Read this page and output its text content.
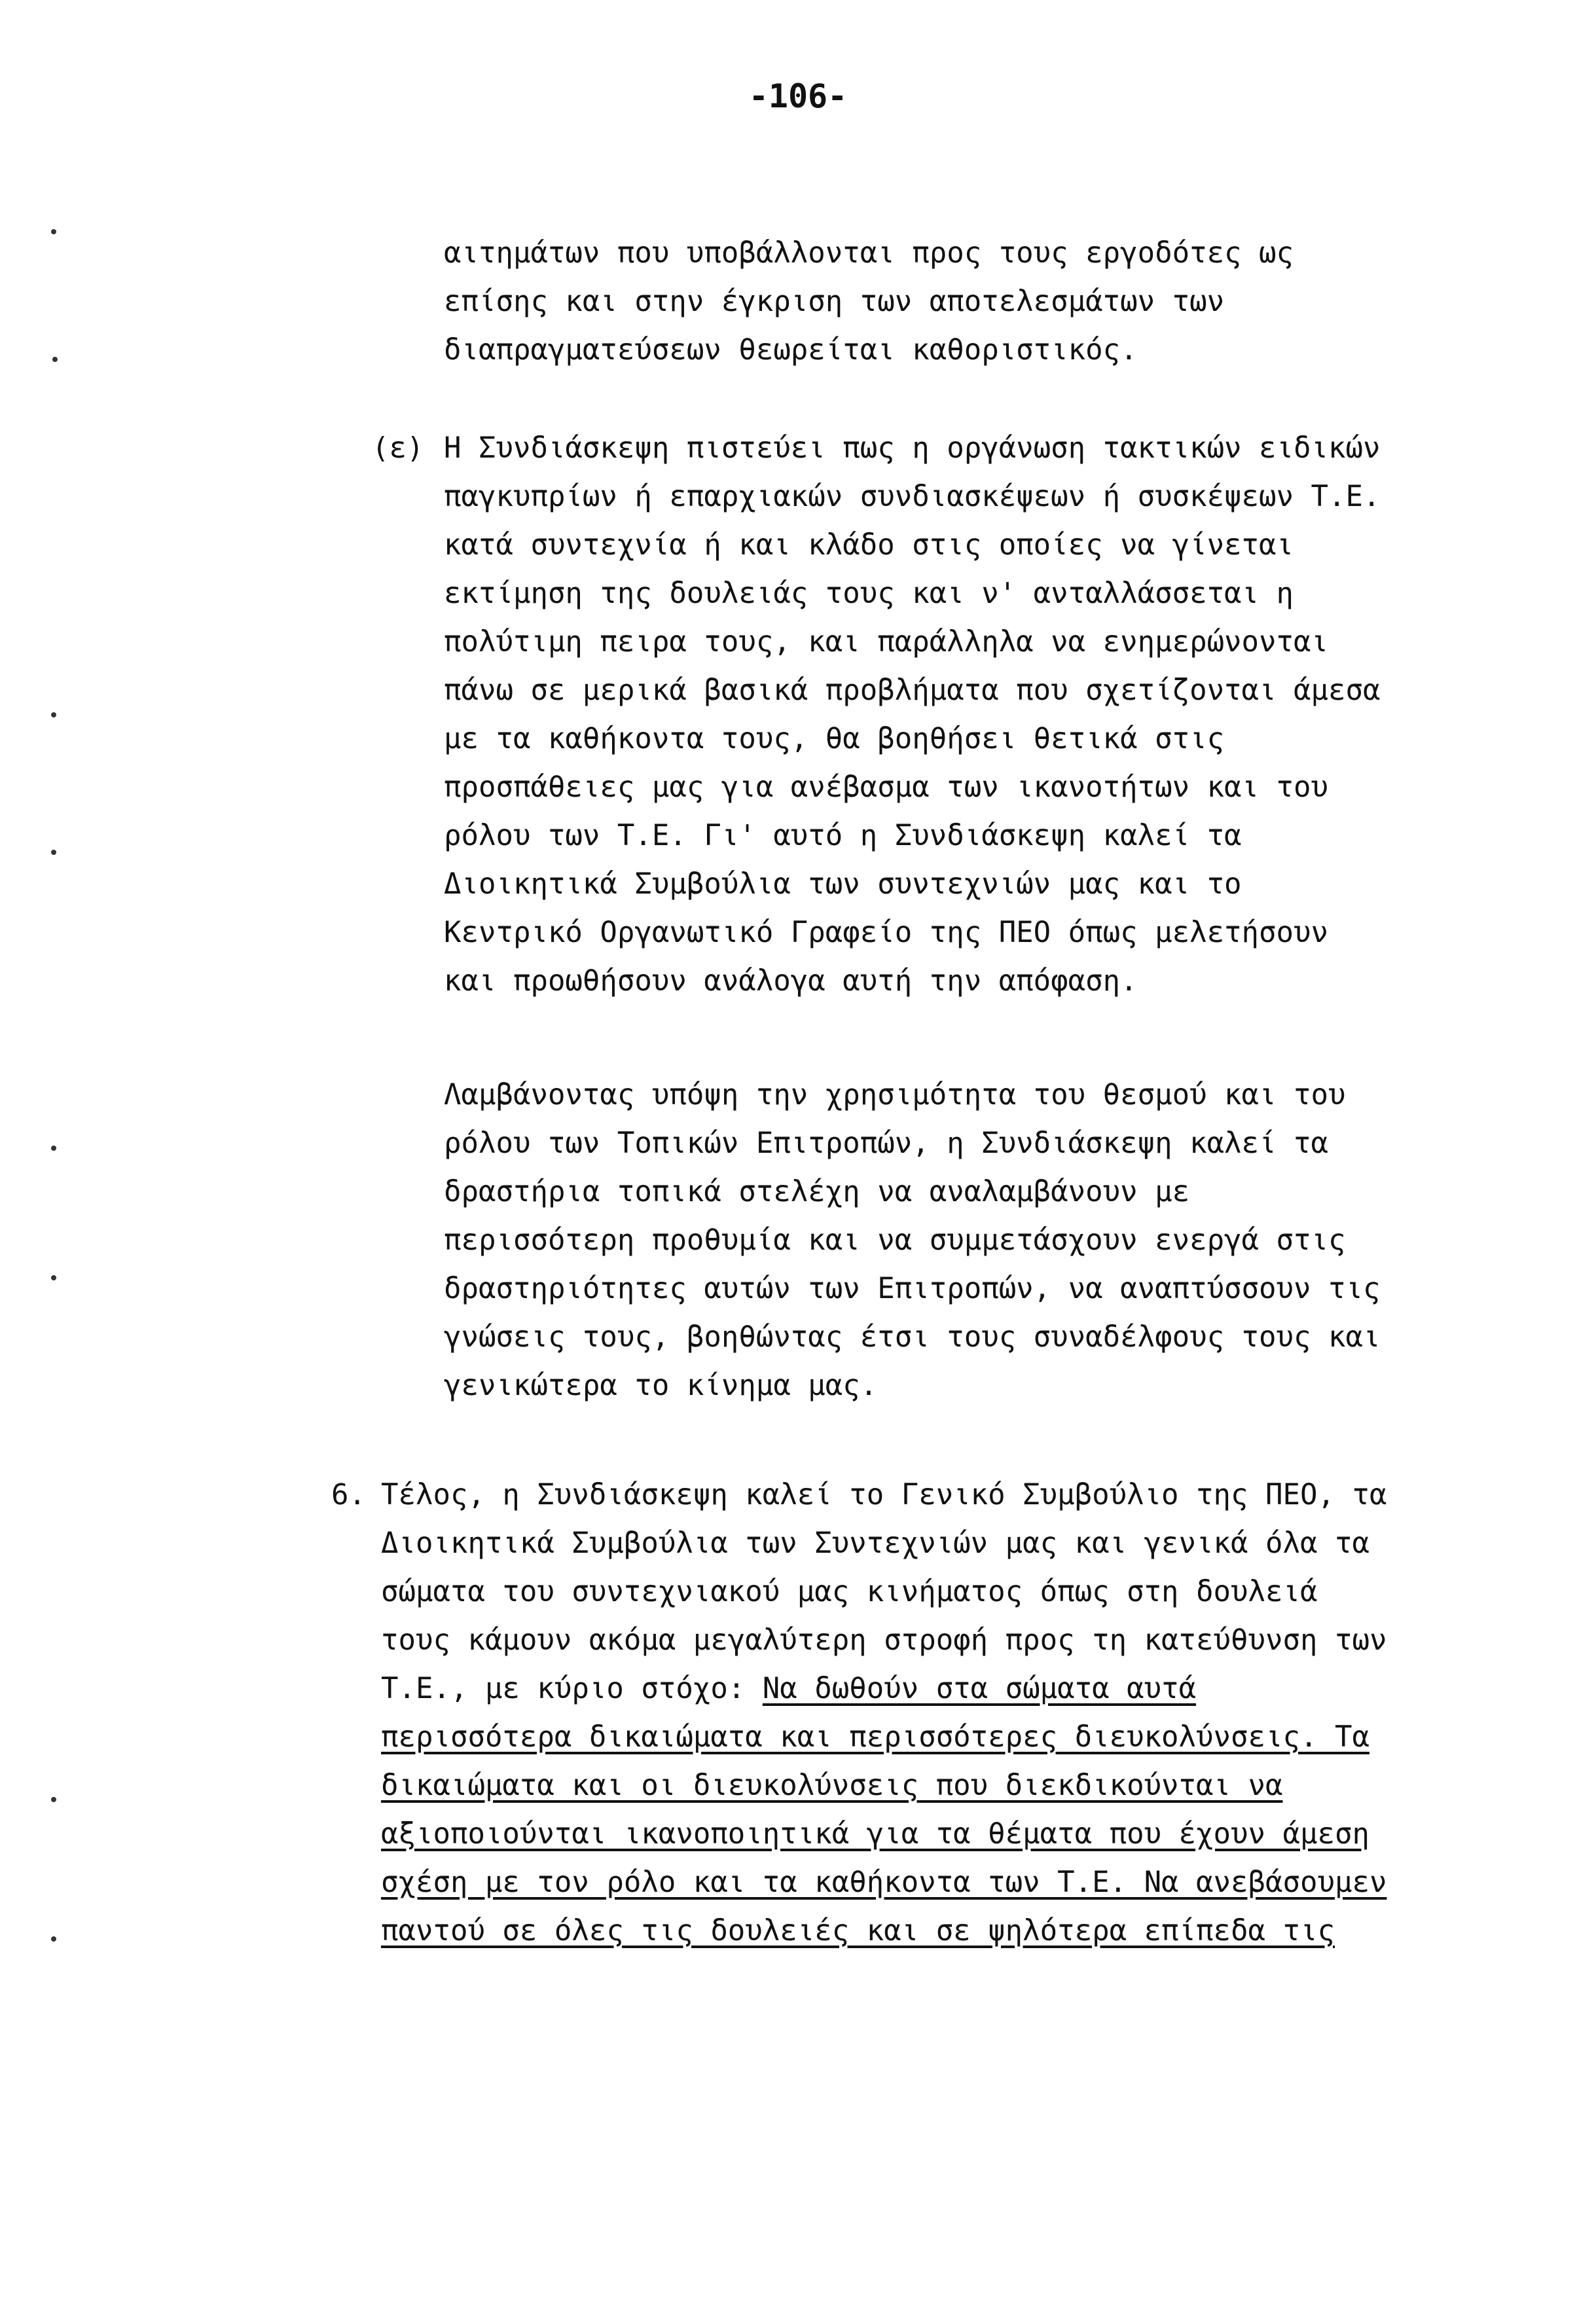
-106-
αιτημάτων που υποβάλλονται προς τους εργοδότες ως
επίσης και στην έγκριση των αποτελεσμάτων των
διαπραγματεύσεων θεωρείται καθοριστικός.
(ε) Η Συνδιάσκεψη πιστεύει πως η οργάνωση τακτικών ειδικών
παγκυπρίων ή επαρχιακών συνδιασκέψεων ή συσκέψεων Τ.Ε.
κατά συντεχνία ή και κλάδο στις οποίες να γίνεται
εκτίμηση της δουλειάς τους και ν' ανταλλάσσεται η
πολύτιμη πειρα τους, και παράλληλα να ενημερώνονται
πάνω σε μερικά βασικά προβλήματα που σχετίζονται άμεσα
με τα καθήκοντα τους, θα βοηθήσει θετικά στις
προσπάθειες μας για ανέβασμα των ικανοτήτων και του
ρόλου των Τ.Ε. Γι' αυτό η Συνδιάσκεψη καλεί τα
Διοικητικά Συμβούλια των συντεχνιών μας και το
Κεντρικό Οργανωτικό Γραφείο της ΠΕΟ όπως μελετήσουν
και προωθήσουν ανάλογα αυτή την απόφαση.
Λαμβάνοντας υπόψη την χρησιμότητα του θεσμού και του
ρόλου των Τοπικών Επιτροπών, η Συνδιάσκεψη καλεί τα
δραστήρια τοπικά στελέχη να αναλαμβάνουν με
περισσότερη προθυμία και να συμμετάσχουν ενεργά στις
δραστηριότητες αυτών των Επιτροπών, να αναπτύσσουν τις
γνώσεις τους, βοηθώντας έτσι τους συναδέλφους τους και
γενικώτερα το κίνημα μας.
6. Τέλος, η Συνδιάσκεψη καλεί το Γενικό Συμβούλιο της ΠΕΟ, τα
Διοικητικά Συμβούλια των Συντεχνιών μας και γενικά όλα τα
σώματα του συντεχνιακού μας κινήματος όπως στη δουλειά
τους κάμουν ακόμα μεγαλύτερη στροφή προς τη κατεύθυνση των
Τ.Ε., με κύριο στόχο: Να δωθούν στα σώματα αυτά
περισσότερα δικαιώματα και περισσότερες διευκολύνσεις. Τα
δικαιώματα και οι διευκολύνσεις που διεκδικούνται να
αξιοποιούνται ικανοποιητικά για τα θέματα που έχουν άμεση
σχέση με τον ρόλο και τα καθήκοντα των Τ.Ε. Να ανεβάσουμεν
παντού σε όλες τις δουλειές και σε ψηλότερα επίπεδα τις
